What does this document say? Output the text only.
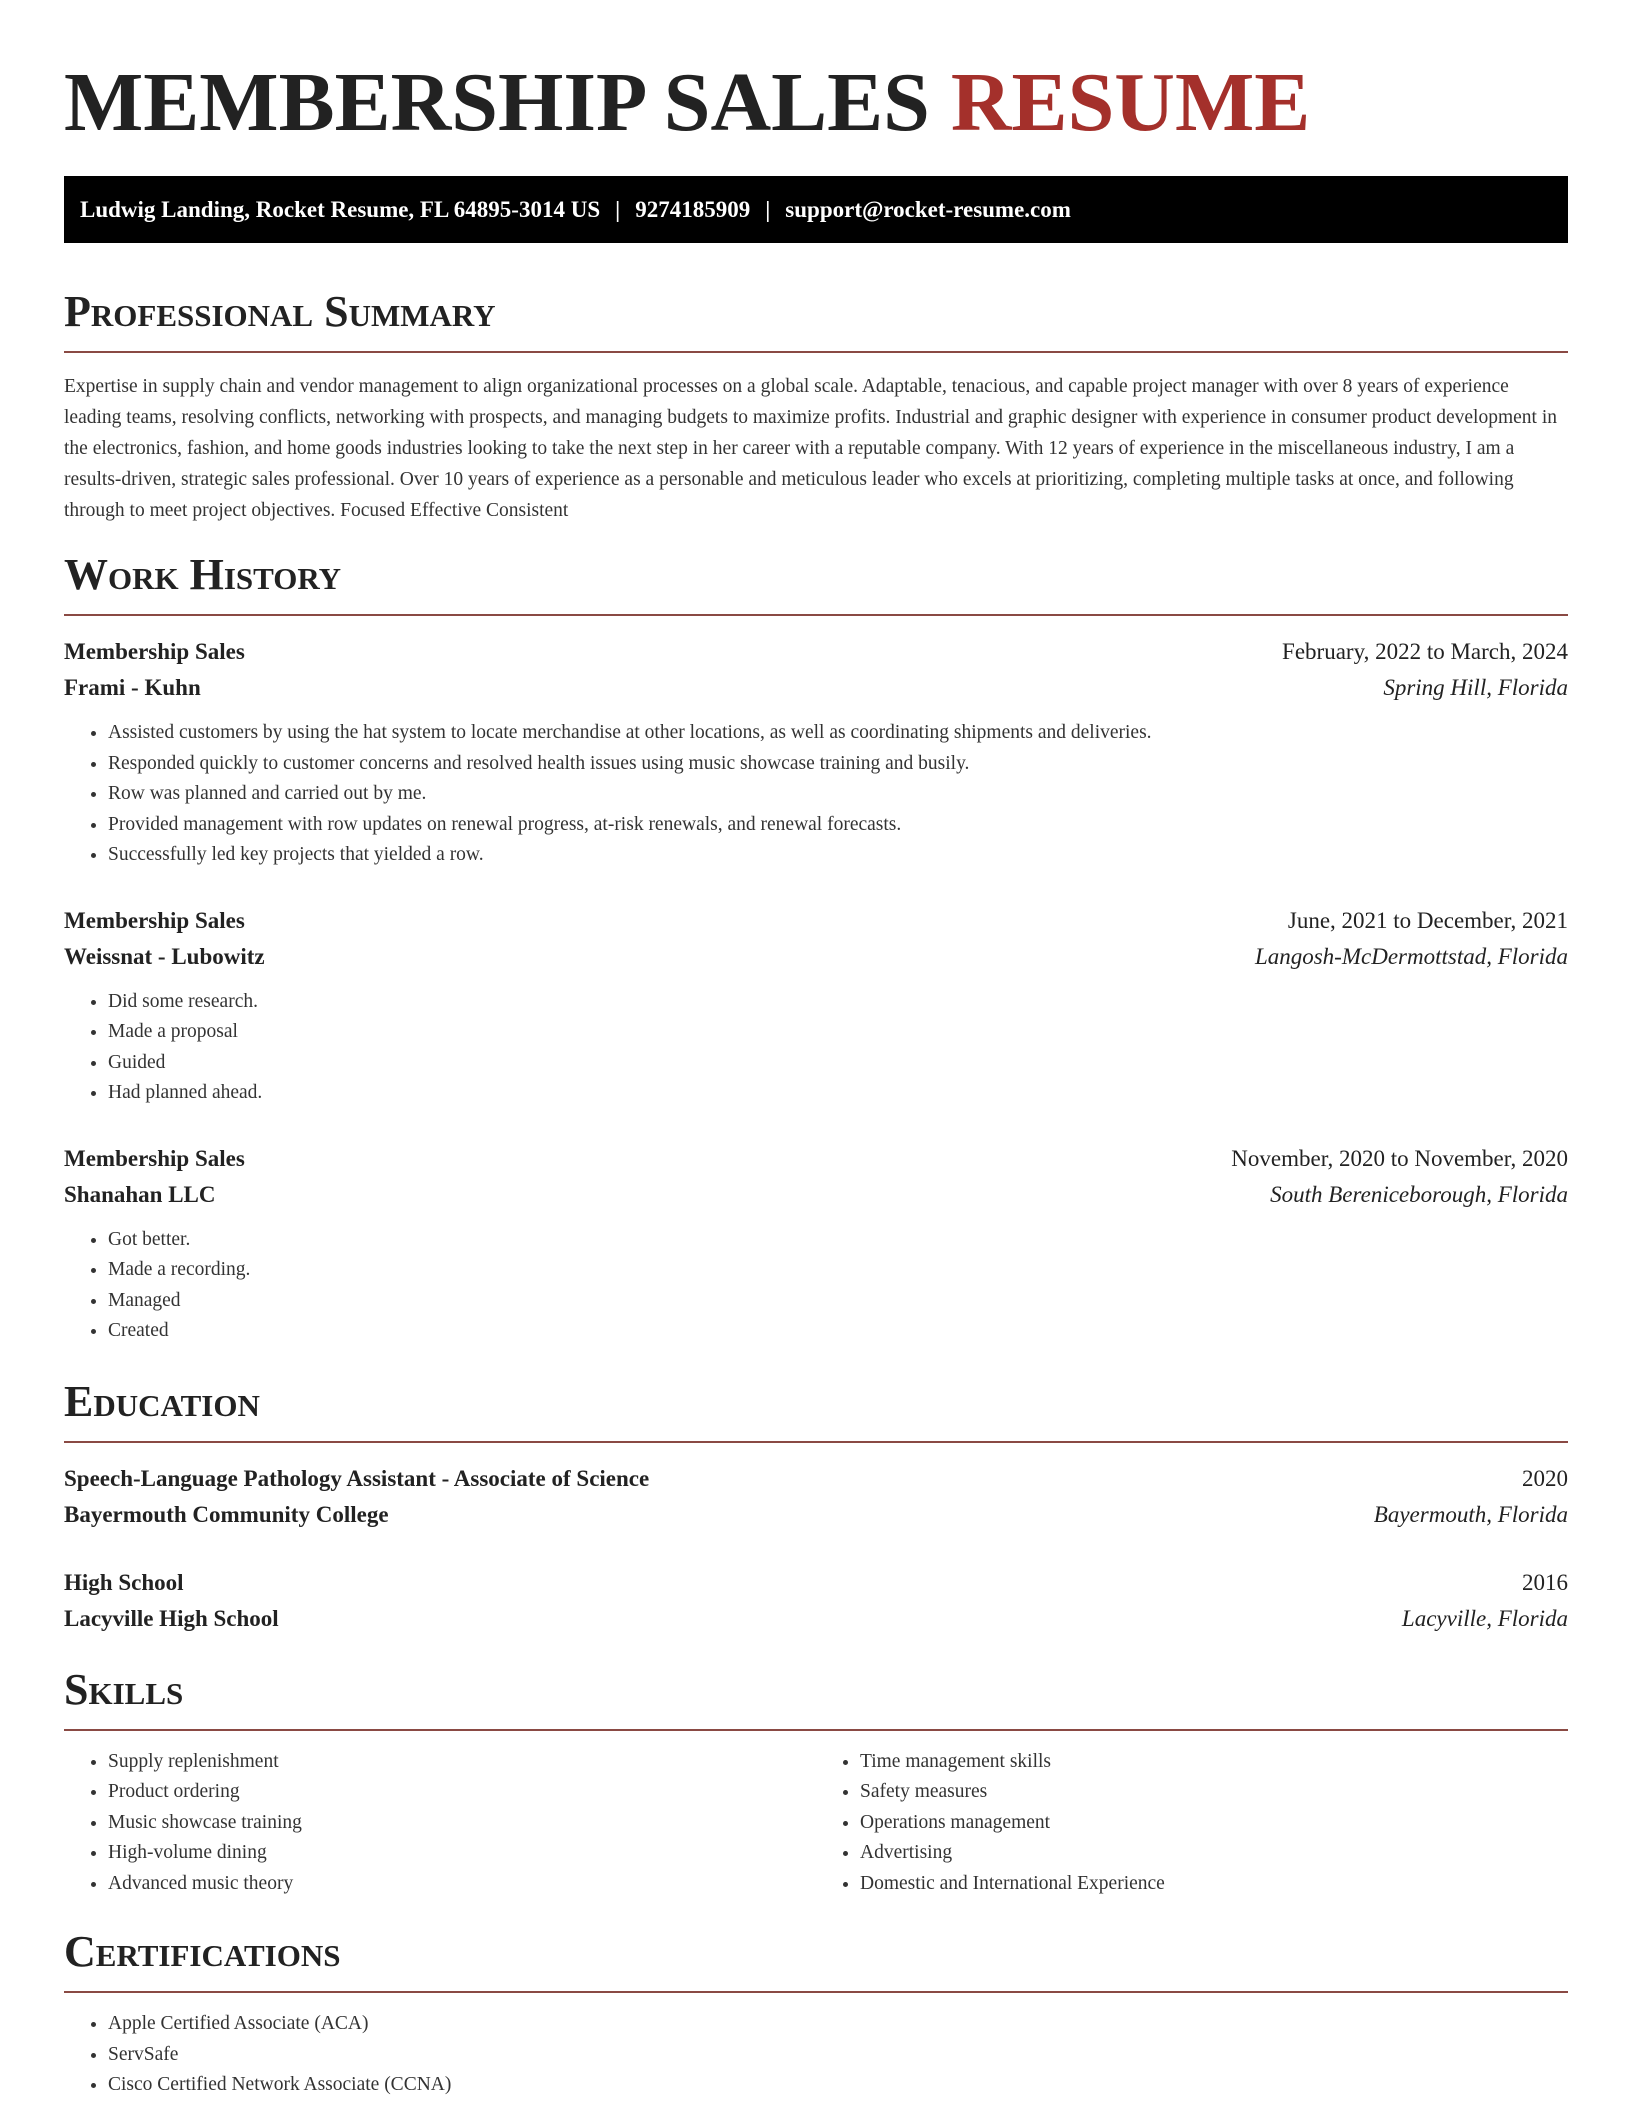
MEMBERSHIP SALES RESUME
Ludwig Landing, Rocket Resume, FL 64895-3014 US | 9274185909 | support@rocket-resume.com
Professional Summary

Expertise in supply chain and vendor management to align organizational processes on a global scale. Adaptable, tenacious, and capable project manager with over 8 years of experience leading teams, resolving conflicts, networking with prospects, and managing budgets to maximize profits. Industrial and graphic designer with experience in consumer product development in the electronics, fashion, and home goods industries looking to take the next step in her career with a reputable company. With 12 years of experience in the miscellaneous industry, I am a results-driven, strategic sales professional. Over 10 years of experience as a personable and meticulous leader who excels at prioritizing, completing multiple tasks at once, and following through to meet project objectives. Focused Effective Consistent

Work History
Membership Sales	February, 2022 to March, 2024
Frami - Kuhn	Spring Hill, Florida
• Assisted customers by using the hat system to locate merchandise at other locations, as well as coordinating shipments and deliveries.
• Responded quickly to customer concerns and resolved health issues using music showcase training and busily.
• Row was planned and carried out by me.
• Provided management with row updates on renewal progress, at-risk renewals, and renewal forecasts.
• Successfully led key projects that yielded a row.
Membership Sales	June, 2021 to December, 2021
Weissnat - Lubowitz	Langosh-McDermottstad, Florida
• Did some research.
• Made a proposal
• Guided
• Had planned ahead.
Membership Sales	November, 2020 to November, 2020
Shanahan LLC	South Berenice​borough, Florida
• Got better.
• Made a recording.
• Managed
• Created
Education
Speech-Language Pathology Assistant - Associate of Science	2020
Bayermouth Community College	Bayermouth, Florida
High School	2016
Lacyville High School	Lacyville, Florida
Skills
• Supply replenishment
• Product ordering
• Music showcase training
• High-volume dining
• Advanced music theory
• Time management skills
• Safety measures
• Operations management
• Advertising
• Domestic and International Experience
Certifications
• Apple Certified Associate (ACA)
• ServSafe
• Cisco Certified Network Associate (CCNA)
